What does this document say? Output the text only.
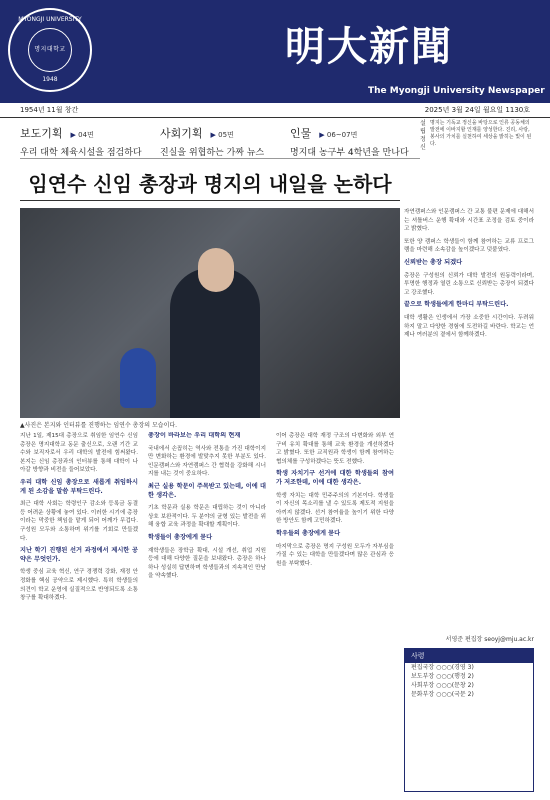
MYONGJI UNIVERSITY
명지대학교
1948
明大新聞
The Myongji University Newspaper
1954년 11월 창간	2025년 3월 24일 월요일 1130호
보도기획 ▶ 04면
우리 대학 체육시설을 점검하다
사회기획 ▶ 05면
진실을 위협하는 가짜 뉴스
인물 ▶ 06~07면
명지대 농구부 4학년을 만나다
설립정신
명지는 기독교 정신을 바탕으로 인류 공동체의 발전에 이바지할 인재를 양성한다. 진리, 사랑, 봉사의 가치를 실천하여 세상을 밝히는 빛이 된다.
임연수 신임 총장과 명지의 내일을 논하다
▲사진은 본지와 인터뷰를 진행하는 임연수 총장의 모습이다.

지난 1일, 제15대 총장으로 취임한 임연수 신임 총장은 명지대학교 동문 출신으로, 오랜 기간 교수와 보직자로서 우리 대학의 발전에 힘써왔다. 본지는 신임 총장과의 인터뷰를 통해 대학이 나아갈 방향과 비전을 들어보았다.

우리 대학 신임 총장으로 새롭게 취임하시게 된 소감을 말씀 부탁드린다.

최근 대학 사회는 학령인구 감소와 등록금 동결 등 어려운 상황에 놓여 있다. 이러한 시기에 총장이라는 막중한 책임을 맡게 되어 어깨가 무겁다. 구성원 모두와 소통하며 위기를 기회로 만들겠다.

지난 학기 진행된 선거 과정에서 제시한 공약은 무엇인가.

학생 중심 교육 혁신, 연구 경쟁력 강화, 재정 안정화를 핵심 공약으로 제시했다. 특히 학생들의 의견이 학교 운영에 실질적으로 반영되도록 소통 창구를 확대하겠다.

총장이 바라보는 우리 대학의 현재

국내에서 손꼽히는 역사와 전통을 가진 대학이지만 변화하는 환경에 발맞추지 못한 부분도 있다. 인문캠퍼스와 자연캠퍼스 간 협력을 강화해 시너지를 내는 것이 중요하다.

최근 실용 학문이 주목받고 있는데, 이에 대한 생각은.

기초 학문과 실용 학문은 대립하는 것이 아니라 상호 보완적이다. 두 분야의 균형 있는 발전을 위해 융합 교육 과정을 확대할 계획이다.

학생들이 총장에게 묻다

재학생들은 장학금 확대, 시설 개선, 취업 지원 등에 대해 다양한 질문을 보내왔다. 총장은 하나하나 성실히 답변하며 학생들과의 지속적인 만남을 약속했다.

이어 총장은 대학 재정 구조의 다변화와 외부 연구비 유치 확대를 통해 교육 환경을 개선하겠다고 밝혔다. 또한 교직원과 학생이 함께 참여하는 협의체를 구성하겠다는 뜻도 전했다.

학생 자치기구 선거에 대한 학생들의 참여가 저조한데, 이에 대한 생각은.

학생 자치는 대학 민주주의의 기본이다. 학생들이 자신의 목소리를 낼 수 있도록 제도적 지원을 아끼지 않겠다. 선거 참여율을 높이기 위한 다양한 방안도 함께 고민하겠다.

학우들의 총장에게 묻다

마지막으로 총장은 명지 구성원 모두가 자부심을 가질 수 있는 대학을 만들겠다며 많은 관심과 응원을 부탁했다.

자연캠퍼스와 인문캠퍼스 간 교통 불편 문제에 대해서는 셔틀버스 운행 확대와 시간표 조정을 검토 중이라고 밝혔다.

또한 양 캠퍼스 학생들이 함께 참여하는 교류 프로그램을 마련해 소속감을 높이겠다고 덧붙였다.

신뢰받는 총장 되겠다

총장은 구성원의 신뢰가 대학 발전의 원동력이라며, 투명한 행정과 열린 소통으로 신뢰받는 총장이 되겠다고 강조했다.

끝으로 학생들에게 한마디 부탁드린다.

대학 생활은 인생에서 가장 소중한 시간이다. 두려워하지 말고 다양한 경험에 도전하길 바란다. 학교는 언제나 여러분의 곁에서 함께하겠다.

서영준 편집장 seoyj@mju.ac.kr
사령
편집국장 ○○○(경영 3)
보도부장 ○○○(행정 2)
사회부장 ○○○(문창 2)
문화부장 ○○○(국문 2)
